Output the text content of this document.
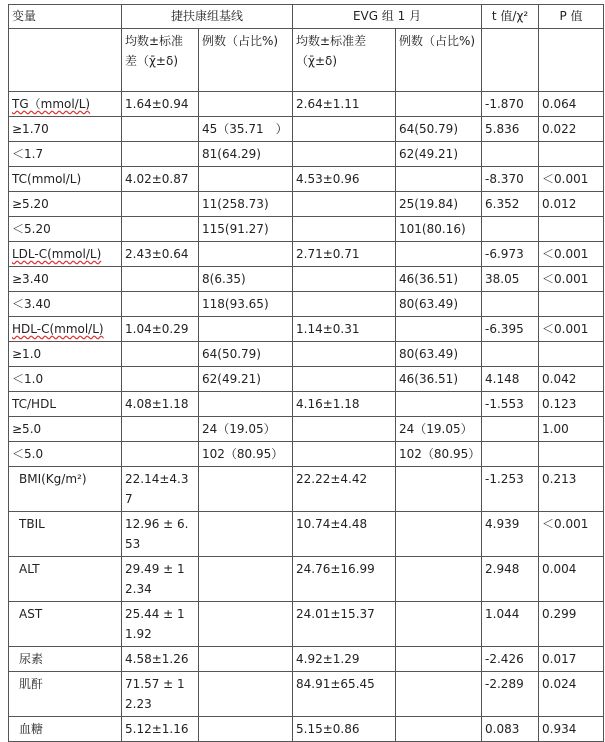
变量	捷扶康组基线		EVG 组 1 月		t 值/χ²	P 值
	均数±标准差（χ̄±δ)	例数（占比%)	均数±标准差（χ̄±δ)	例数（占比%)		
TG（mmol/L)	1.64±0.94		2.64±1.11		-1.870	0.064
≥1.70		45（35.71　）		64(50.79)	5.836	0.022
＜1.7		81(64.29)		62(49.21)		
TC(mmol/L)	4.02±0.87		4.53±0.96		-8.370	＜0.001
≥5.20		11(258.73)		25(19.84)	6.352	0.012
＜5.20		115(91.27)		101(80.16)		
LDL-C(mmol/L)	2.43±0.64		2.71±0.71		-6.973	＜0.001
≥3.40		8(6.35)		46(36.51)	38.05	＜0.001
＜3.40		118(93.65)		80(63.49)		
HDL-C(mmol/L)	1.04±0.29		1.14±0.31		-6.395	＜0.001
≥1.0		64(50.79)		80(63.49)		
＜1.0		62(49.21)		46(36.51)	4.148	0.042
TC/HDL	4.08±1.18		4.16±1.18		-1.553	0.123
≥5.0		24（19.05）		24（19.05）		1.00
＜5.0		102（80.95）		102（80.95）		
BMI(Kg/m²)	22.14±4.37		22.22±4.42		-1.253	0.213
TBIL	12.96 ± 6.53		10.74±4.48		4.939	＜0.001
ALT	29.49 ± 12.34		24.76±16.99		2.948	0.004
AST	25.44 ± 11.92		24.01±15.37		1.044	0.299
尿素	4.58±1.26		4.92±1.29		-2.426	0.017
肌酐	71.57 ± 12.23		84.91±65.45		-2.289	0.024
血糖	5.12±1.16		5.15±0.86		0.083	0.934
